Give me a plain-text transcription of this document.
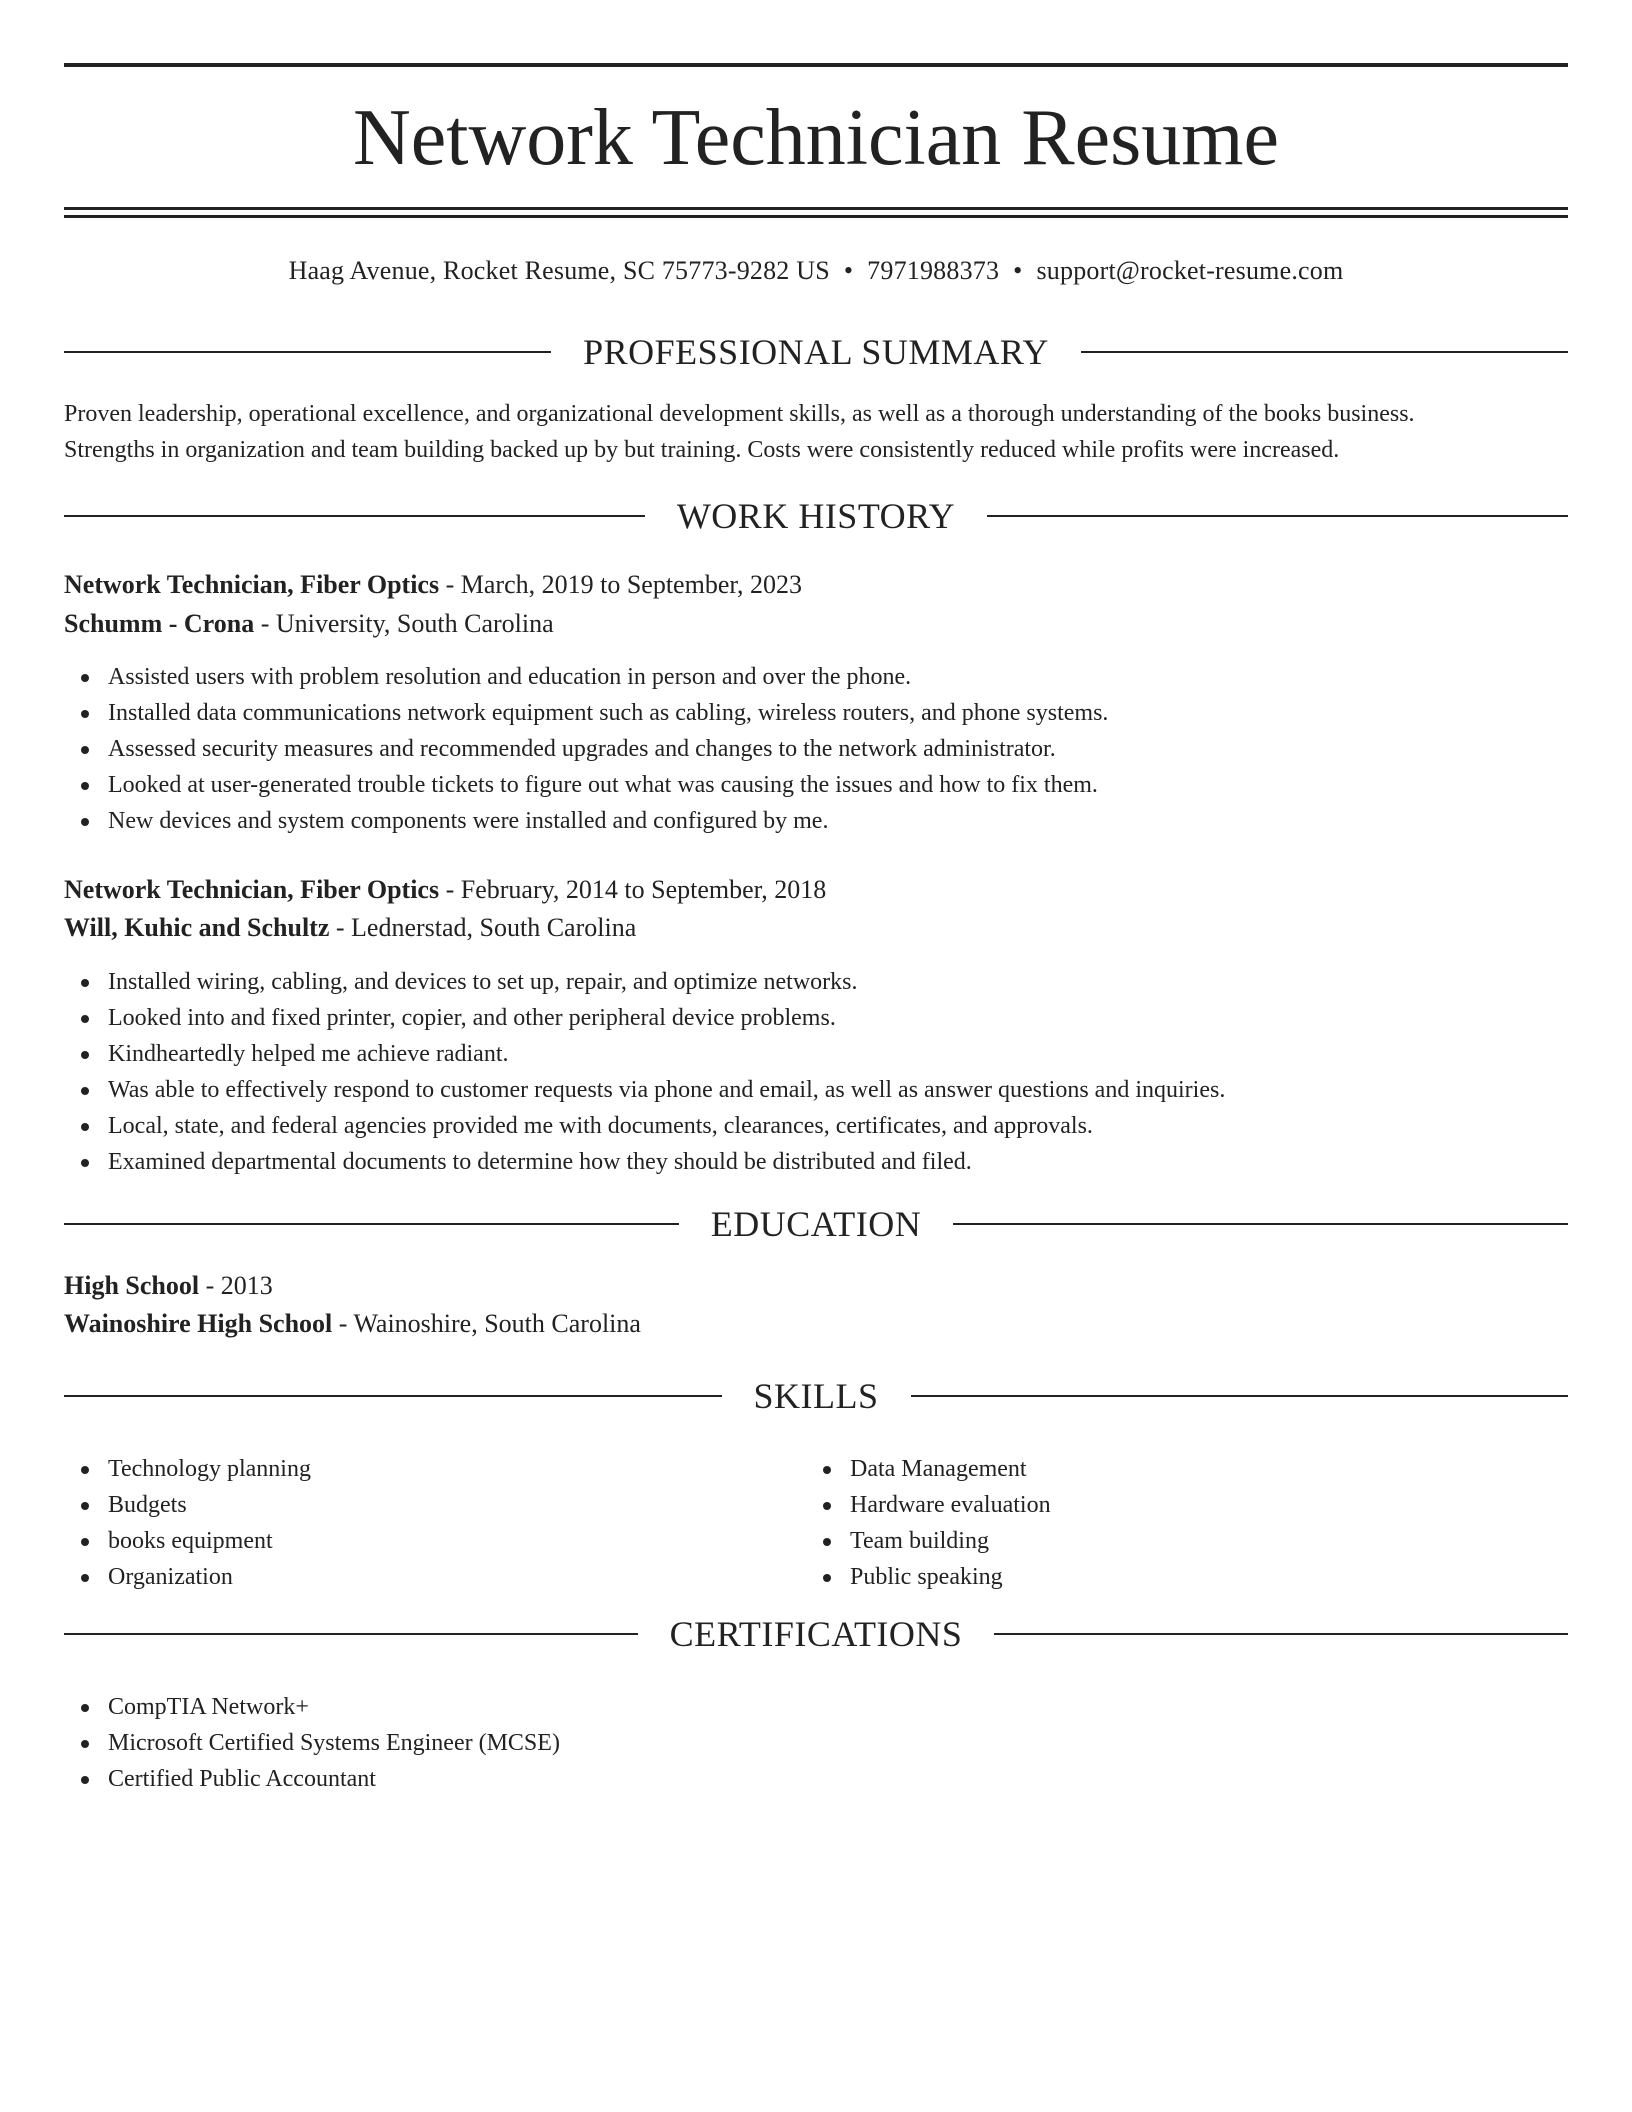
Network Technician Resume
Haag Avenue, Rocket Resume, SC 75773-9282 US • 7971988373 • support@rocket-resume.com
PROFESSIONAL SUMMARY
Proven leadership, operational excellence, and organizational development skills, as well as a thorough understanding of the books business.
Strengths in organization and team building backed up by but training. Costs were consistently reduced while profits were increased.
WORK HISTORY
Network Technician, Fiber Optics - March, 2019 to September, 2023
Schumm - Crona - University, South Carolina
Assisted users with problem resolution and education in person and over the phone.
Installed data communications network equipment such as cabling, wireless routers, and phone systems.
Assessed security measures and recommended upgrades and changes to the network administrator.
Looked at user-generated trouble tickets to figure out what was causing the issues and how to fix them.
New devices and system components were installed and configured by me.
Network Technician, Fiber Optics - February, 2014 to September, 2018
Will, Kuhic and Schultz - Lednerstad, South Carolina
Installed wiring, cabling, and devices to set up, repair, and optimize networks.
Looked into and fixed printer, copier, and other peripheral device problems.
Kindheartedly helped me achieve radiant.
Was able to effectively respond to customer requests via phone and email, as well as answer questions and inquiries.
Local, state, and federal agencies provided me with documents, clearances, certificates, and approvals.
Examined departmental documents to determine how they should be distributed and filed.
EDUCATION
High School - 2013
Wainoshire High School - Wainoshire, South Carolina
SKILLS
Technology planning
Budgets
books equipment
Organization
Data Management
Hardware evaluation
Team building
Public speaking
CERTIFICATIONS
CompTIA Network+
Microsoft Certified Systems Engineer (MCSE)
Certified Public Accountant
